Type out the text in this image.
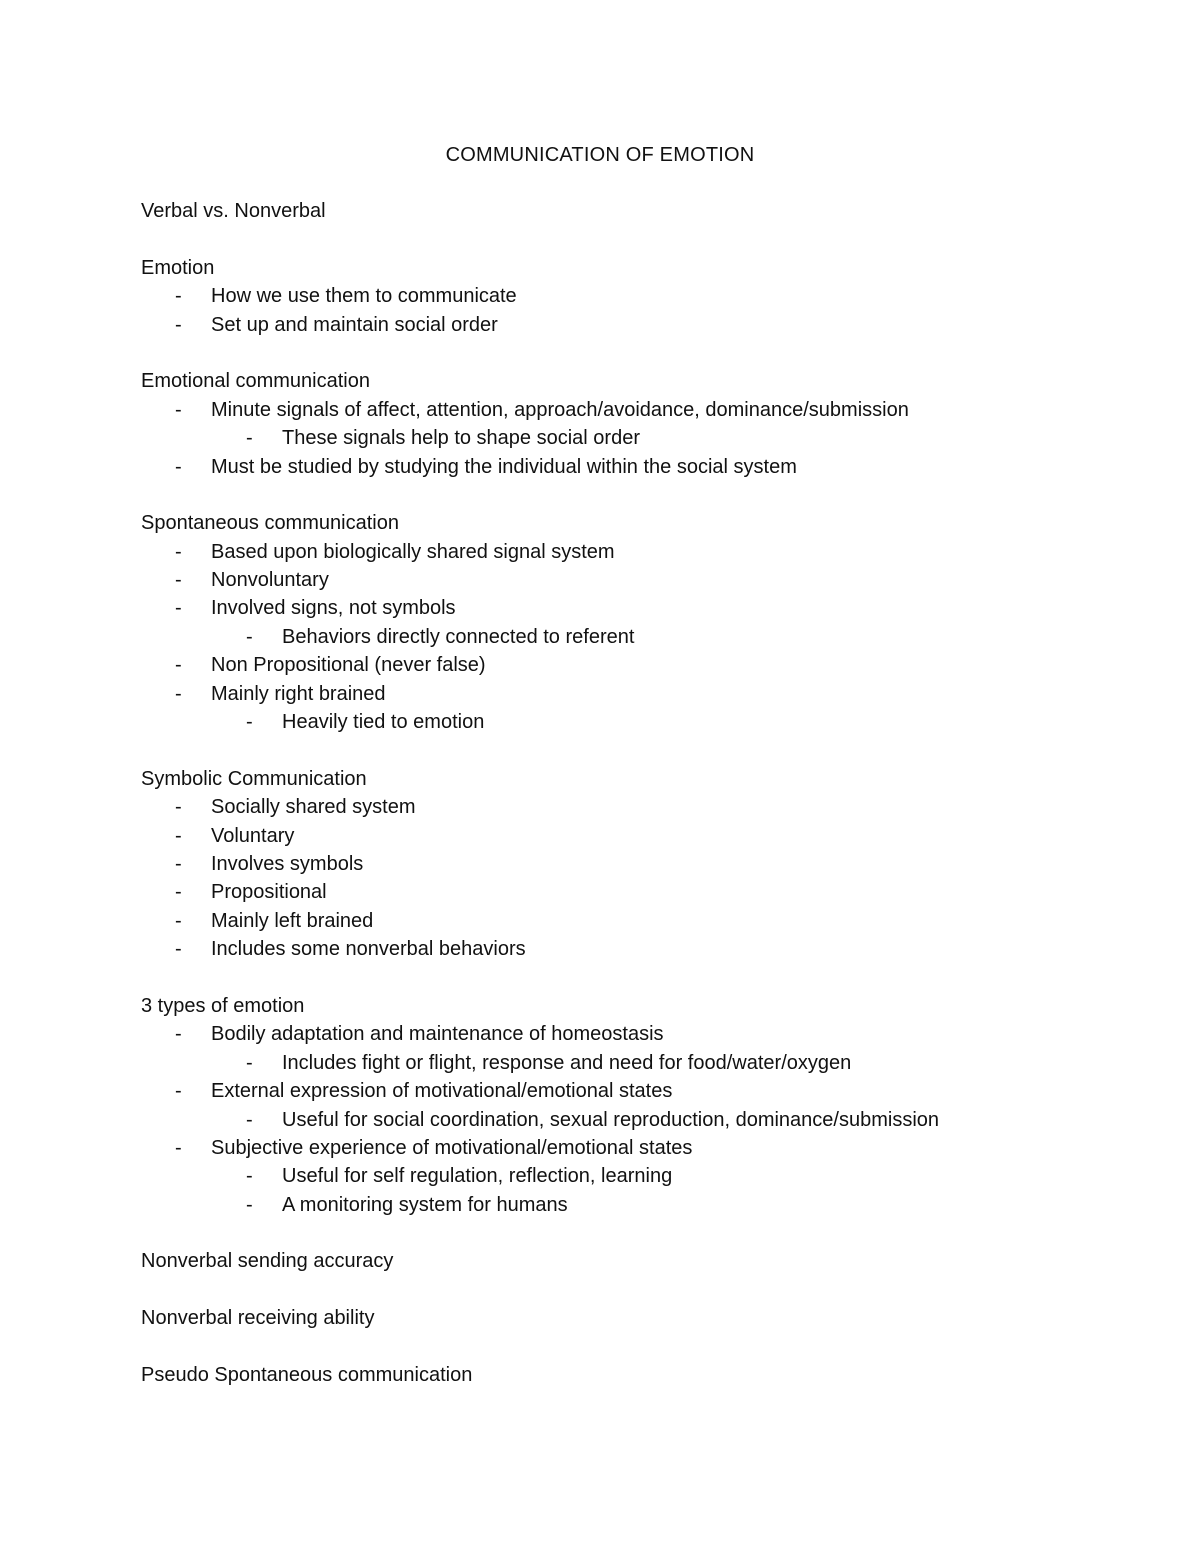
COMMUNICATION OF EMOTION
Verbal vs. Nonverbal
Emotion
-	How we use them to communicate
-	Set up and maintain social order
Emotional communication
-	Minute signals of affect, attention, approach/avoidance, dominance/submission
-	These signals help to shape social order
-	Must be studied by studying the individual within the social system
Spontaneous communication
-	Based upon biologically shared signal system
-	Nonvoluntary
-	Involved signs, not symbols
-	Behaviors directly connected to referent
-	Non Propositional (never false)
-	Mainly right brained
-	Heavily tied to emotion
Symbolic Communication
-	Socially shared system
-	Voluntary
-	Involves symbols
-	Propositional
-	Mainly left brained
-	Includes some nonverbal behaviors
3 types of emotion
-	Bodily adaptation and maintenance of homeostasis
-	Includes fight or flight, response and need for food/water/oxygen
-	External expression of motivational/emotional states
-	Useful for social coordination, sexual reproduction, dominance/submission
-	Subjective experience of motivational/emotional states
-	Useful for self regulation, reflection, learning
-	A monitoring system for humans
Nonverbal sending accuracy
Nonverbal receiving ability
Pseudo Spontaneous communication
